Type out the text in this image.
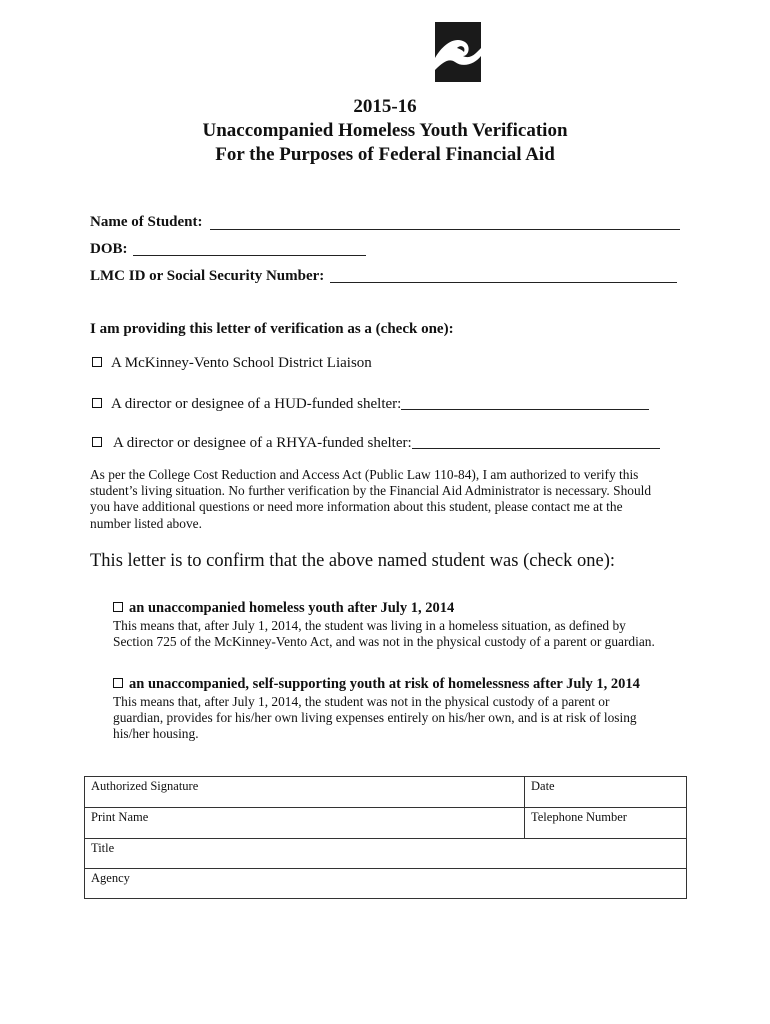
2015-16
Unaccompanied Homeless Youth Verification
For the Purposes of Federal Financial Aid
Name of Student:
DOB:
LMC ID or Social Security Number:
I am providing this letter of verification as a (check one):
A McKinney-Vento School District Liaison
A director or designee of a HUD-funded shelter:
A director or designee of a RHYA-funded shelter:
As per the College Cost Reduction and Access Act (Public Law 110-84), I am authorized to verify this
student’s living situation. No further verification by the Financial Aid Administrator is necessary. Should
you have additional questions or need more information about this student, please contact me at the
number listed above.
This letter is to confirm that the above named student was (check one):
an unaccompanied homeless youth after July 1, 2014
This means that, after July 1, 2014, the student was living in a homeless situation, as defined by
Section 725 of the McKinney-Vento Act, and was not in the physical custody of a parent or guardian.
an unaccompanied, self-supporting youth at risk of homelessness after July 1, 2014
This means that, after July 1, 2014, the student was not in the physical custody of a parent or
guardian, provides for his/her own living expenses entirely on his/her own, and is at risk of losing
his/her housing.
Authorized Signature	Date
Print Name	Telephone Number
Title	
Agency	
